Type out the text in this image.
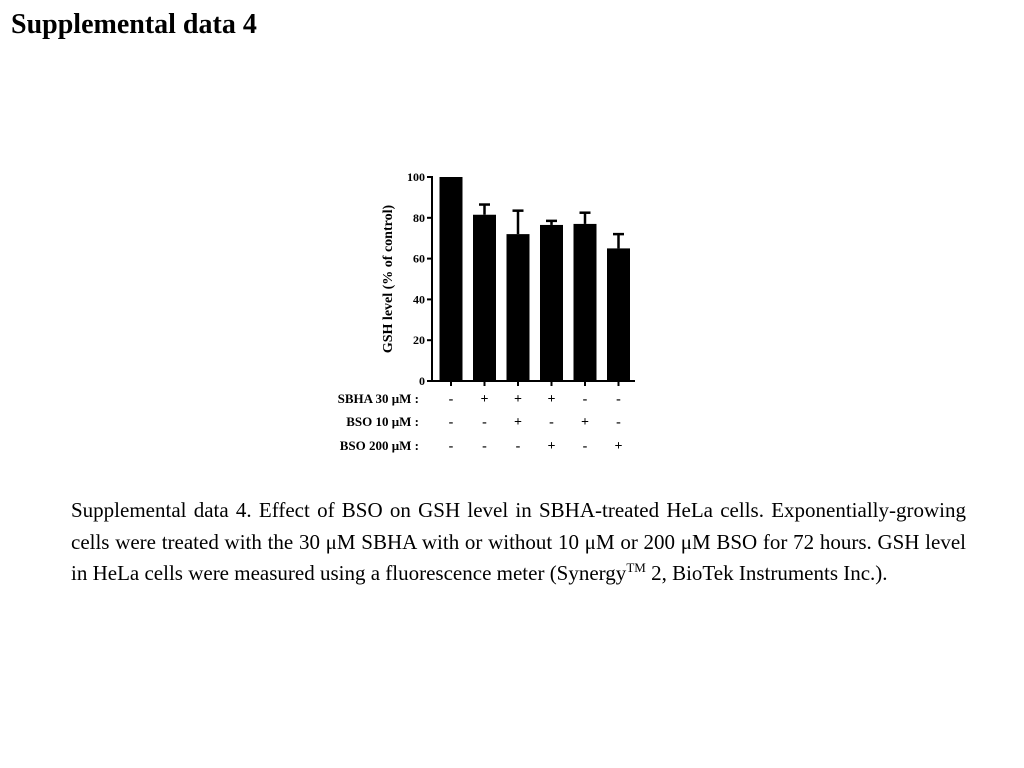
Supplemental data 4
0
20
40
60
80
100
GSH level (% of control)
SBHA 30 μM : - + + + - -
BSO 10 μM : - - + - + -
BSO 200 μM : - - - + - +

Supplemental data 4. Effect of BSO on GSH level in SBHA-treated HeLa cells. Exponentially-growing cells were treated with the 30 μM SBHA with or without 10 μM or 200 μM BSO for 72 hours. GSH level in HeLa cells were measured using a fluorescence meter (Synergy™ 2, BioTek Instruments Inc.).
